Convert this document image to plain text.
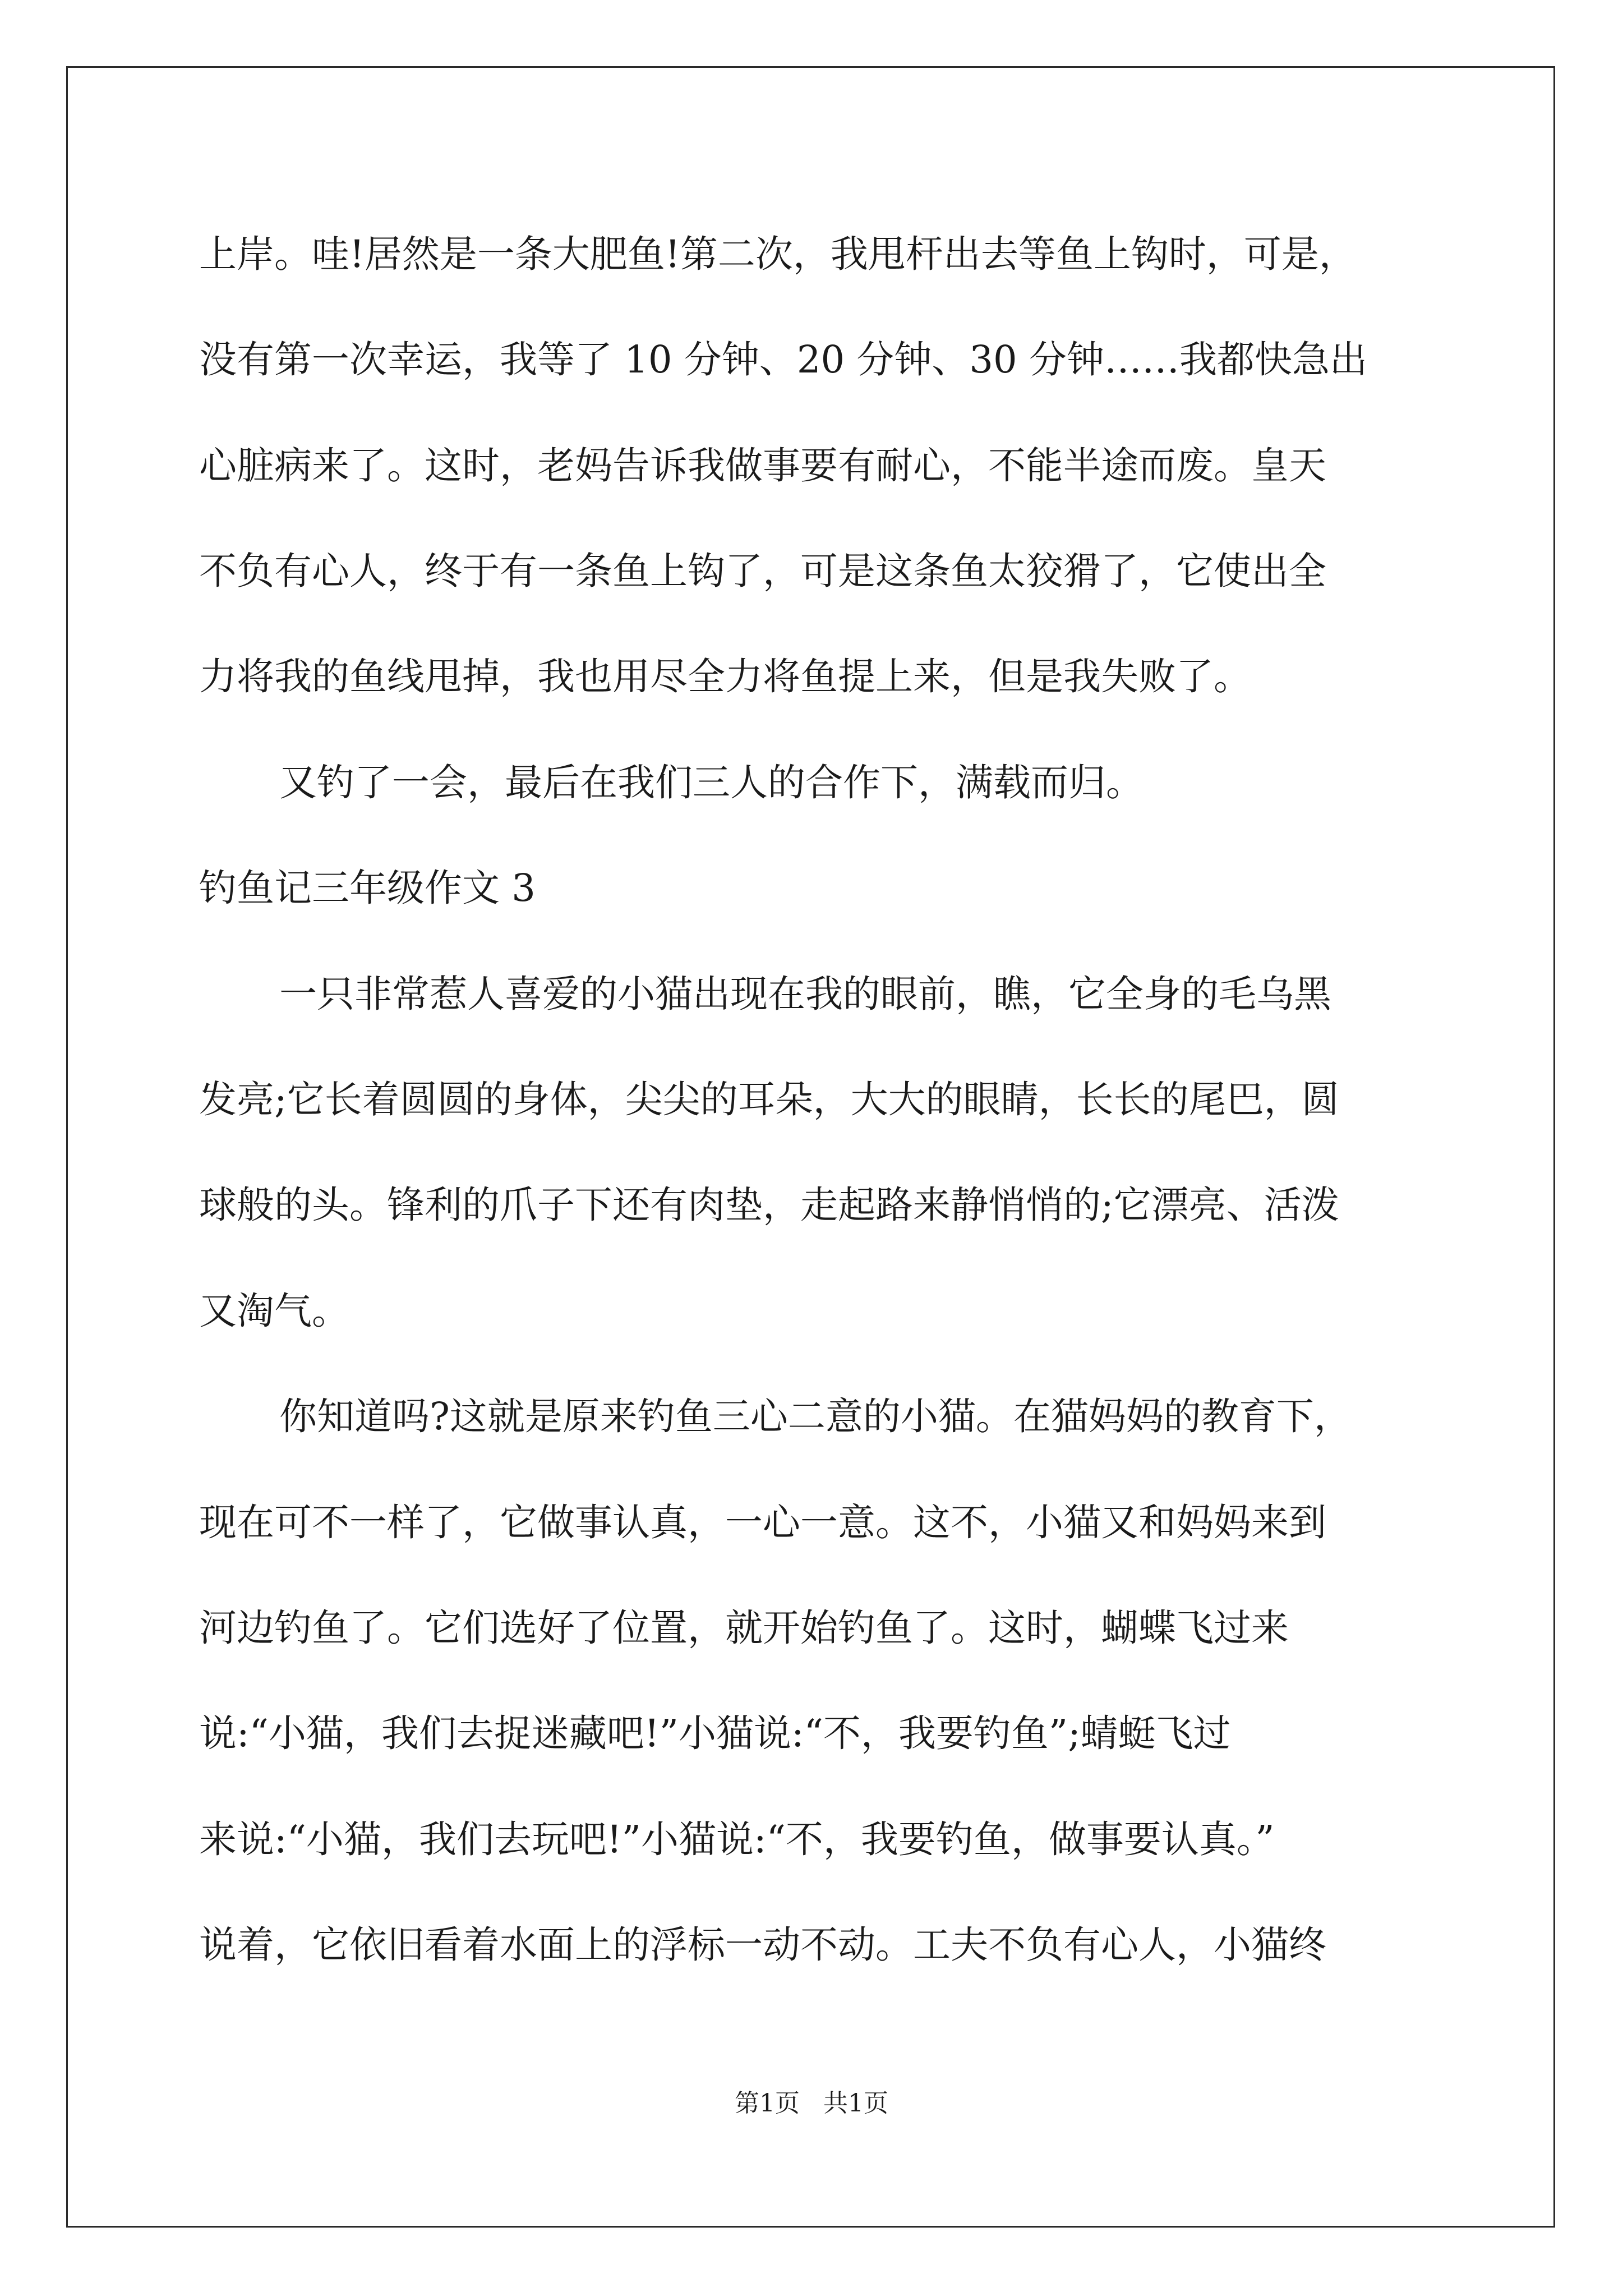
上岸。哇!居然是一条大肥鱼!第二次，我甩杆出去等鱼上钩时，可是，
没有第一次幸运，我等了 10 分钟、20 分钟、30 分钟……我都快急出
心脏病来了。这时，老妈告诉我做事要有耐心，不能半途而废。皇天
不负有心人，终于有一条鱼上钩了，可是这条鱼太狡猾了，它使出全
力将我的鱼线甩掉，我也用尽全力将鱼提上来，但是我失败了。
又钓了一会，最后在我们三人的合作下，满载而归。
钓鱼记三年级作文 3
一只非常惹人喜爱的小猫出现在我的眼前，瞧，它全身的毛乌黑
发亮;它长着圆圆的身体，尖尖的耳朵，大大的眼睛，长长的尾巴，圆
球般的头。锋利的爪子下还有肉垫，走起路来静悄悄的;它漂亮、活泼
又淘气。
你知道吗?这就是原来钓鱼三心二意的小猫。在猫妈妈的教育下，
现在可不一样了，它做事认真，一心一意。这不，小猫又和妈妈来到
河边钓鱼了。它们选好了位置，就开始钓鱼了。这时，蝴蝶飞过来
说:“小猫，我们去捉迷藏吧!”小猫说:“不，我要钓鱼”;蜻蜓飞过
来说:“小猫，我们去玩吧!”小猫说:“不，我要钓鱼，做事要认真。”
说着，它依旧看着水面上的浮标一动不动。工夫不负有心人，小猫终
第1页   共1页
